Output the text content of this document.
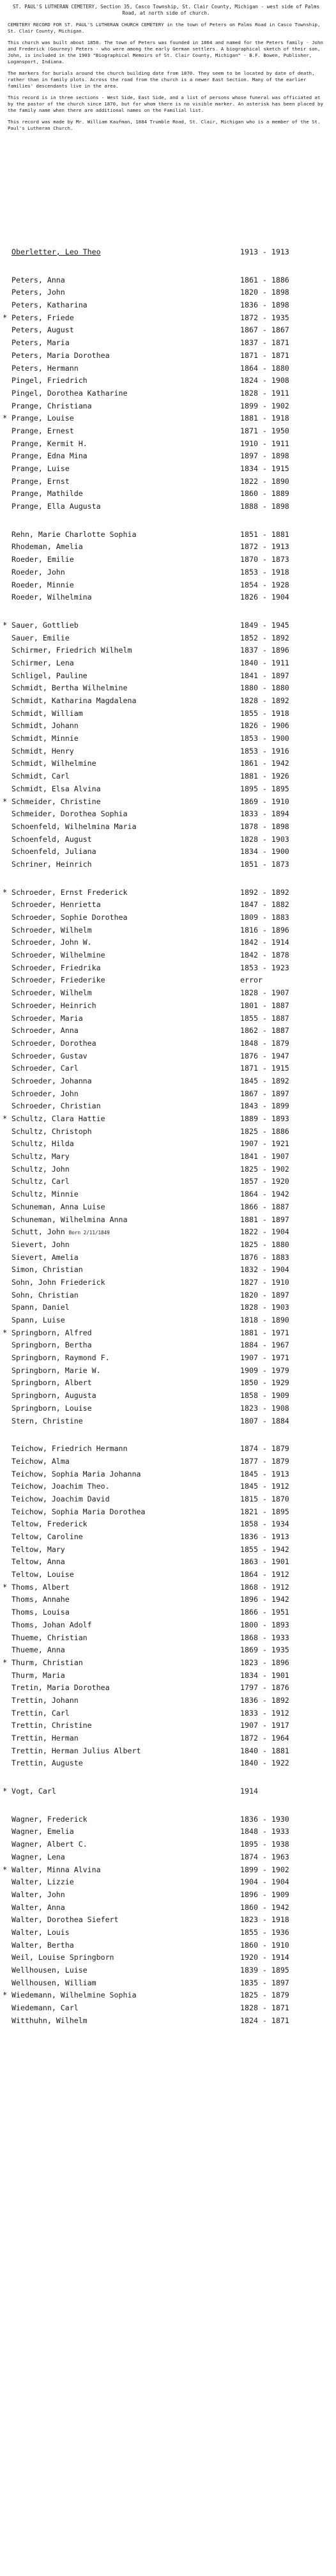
ST. PAUL'S LUTHERAN CEMETERY, Section 35, Casco Township, St. Clair County, Michigan - west side of Palms Road, at north side of church.
CEMETERY RECORD FOR ST. PAUL'S LUTHERAN CHURCH CEMETERY in the town of Peters on Palms Road in Casco Township, St. Clair County, Michigan.
This church was built about 1858. The town of Peters was founded in 1864 and named for the Peters family - John and Frederick (Gourney) Peters - who were among the early German settlers. A biographical sketch of their son, John, is included in the 1903 "Biographical Memoirs of St. Clair County, Michigan" - B.F. Bowen, Publisher, Logansport, Indiana.
The markers for burials around the church building date from 1870. They seem to be located by date of death, rather than in family plots. Across the road from the church is a newer East Section. Many of the earlier families' descendants live in the area.
This record is in three sections - West Side, East Side, and a list of persons whose funeral was officiated at by the pastor of the church since 1870, but for whom there is no visible marker. An asterisk has been placed by the family name when there are additional names on the Familial list.
This record was made by Mr. William Kaufman, 1884 Trumble Road, St. Clair, Michigan who is a member of the St. Paul's Lutheran Church.
Oberletter, Leo Theo	1913 - 1913
Peters, Anna	1861 - 1886
Peters, John	1820 - 1898
Peters, Katharina	1836 - 1898
* Peters, Friede	1872 - 1935
Peters, August	1867 - 1867
Peters, Maria	1837 - 1871
Peters, Maria Dorothea	1871 - 1871
Peters, Hermann	1864 - 1880
Pingel, Friedrich	1824 - 1908
Pingel, Dorothea Katharine	1828 - 1911
Prange, Christiana	1899 - 1902
* Prange, Louise	1881 - 1918
Prange, Ernest	1871 - 1950
Prange, Kermit H.	1910 - 1911
Prange, Edna Mina	1897 - 1898
Prange, Luise	1834 - 1915
Prange, Ernst	1822 - 1890
Prange, Mathilde	1860 - 1889
Prange, Ella Augusta	1888 - 1898
Rehn, Marie Charlotte Sophia	1851 - 1881
Rhodeman, Amelia	1872 - 1913
Roeder, Emilie	1870 - 1873
Roeder, John	1853 - 1918
Roeder, Minnie	1854 - 1928
Roeder, Wilhelmina	1826 - 1904
* Sauer, Gottlieb	1849 - 1945
Sauer, Emilie	1852 - 1892
Schirmer, Friedrich Wilhelm	1837 - 1896
Schirmer, Lena	1840 - 1911
Schligel, Pauline	1841 - 1897
Schmidt, Bertha Wilhelmine	1880 - 1880
Schmidt, Katharina Magdalena	1828 - 1892
Schmidt, William	1855 - 1918
Schmidt, Johann	1826 - 1906
Schmidt, Minnie	1853 - 1900
Schmidt, Henry	1853 - 1916
Schmidt, Wilhelmine	1861 - 1942
Schmidt, Carl	1881 - 1926
Schmidt, Elsa Alvina	1895 - 1895
* Schmeider, Christine	1869 - 1910
Schmeider, Dorothea Sophia	1833 - 1894
Schoenfeld, Wilhelmina Maria	1878 - 1898
Schoenfeld, August	1828 - 1903
Schoenfeld, Juliana	1834 - 1900
Schriner, Heinrich	1851 - 1873
* Schroeder, Ernst Frederick	1892 - 1892
Schroeder, Henrietta	1847 - 1882
Schroeder, Sophie Dorothea	1809 - 1883
Schroeder, Wilhelm	1816 - 1896
Schroeder, John W.	1842 - 1914
Schroeder, Wilhelmine	1842 - 1878
Schroeder, Friedrika	1853 - 1923
Schroeder, Friederike	error
Schroeder, Wilhelm	1828 - 1907
Schroeder, Heinrich	1801 - 1887
Schroeder, Maria	1855 - 1887
Schroeder, Anna	1862 - 1887
Schroeder, Dorothea	1848 - 1879
Schroeder, Gustav	1876 - 1947
Schroeder, Carl	1871 - 1915
Schroeder, Johanna	1845 - 1892
Schroeder, John	1867 - 1897
Schroeder, Christian	1843 - 1899
* Schultz, Clara Hattie	1889 - 1893
Schultz, Christoph	1825 - 1886
Schultz, Hilda	1907 - 1921
Schultz, Mary	1841 - 1907
Schultz, John	1825 - 1902
Schultz, Carl	1857 - 1920
Schultz, Minnie	1864 - 1942
Schuneman, Anna Luise	1866 - 1887
Schuneman, Wilhelmina Anna	1881 - 1897
Schutt, John Born 2/11/1849	1822 - 1904
Sievert, John	1825 - 1880
Sievert, Amelia	1876 - 1883
Simon, Christian	1832 - 1904
Sohn, John Friederick	1827 - 1910
Sohn, Christian	1820 - 1897
Spann, Daniel	1828 - 1903
Spann, Luise	1818 - 1890
* Springborn, Alfred	1881 - 1971
Springborn, Bertha	1884 - 1967
Springborn, Raymond F.	1907 - 1971
Springborn, Marie W.	1909 - 1979
Springborn, Albert	1850 - 1929
Springborn, Augusta	1858 - 1909
Springborn, Louise	1823 - 1908
Stern, Christine	1807 - 1884
Teichow, Friedrich Hermann	1874 - 1879
Teichow, Alma	1877 - 1879
Teichow, Sophia Maria Johanna	1845 - 1913
Teichow, Joachim Theo.	1845 - 1912
Teichow, Joachim David	1815 - 1870
Teichow, Sophia Maria Dorothea	1821 - 1895
Teltow, Frederick	1858 - 1934
Teltow, Caroline	1836 - 1913
Teltow, Mary	1855 - 1942
Teltow, Anna	1863 - 1901
Teltow, Louise	1864 - 1912
* Thoms, Albert	1868 - 1912
Thoms, Annahe	1896 - 1942
Thoms, Louisa	1866 - 1951
Thoms, Johan Adolf	1800 - 1893
Thueme, Christian	1868 - 1933
Thueme, Anna	1869 - 1935
* Thurm, Christian	1823 - 1896
Thurm, Maria	1834 - 1901
Tretin, Maria Dorothea	1797 - 1876
Trettin, Johann	1836 - 1892
Trettin, Carl	1833 - 1912
Trettin, Christine	1907 - 1917
Trettin, Herman	1872 - 1964
Trettin, Herman Julius Albert	1840 - 1881
Trettin, Auguste	1840 - 1922
* Vogt, Carl	1914
Wagner, Frederick	1836 - 1930
Wagner, Emelia	1848 - 1933
Wagner, Albert C.	1895 - 1938
Wagner, Lena	1874 - 1963
* Walter, Minna Alvina	1899 - 1902
Walter, Lizzie	1904 - 1904
Walter, John	1896 - 1909
Walter, Anna	1860 - 1942
Walter, Dorothea Siefert	1823 - 1918
Walter, Louis	1855 - 1936
Walter, Bertha	1860 - 1910
Weil, Louise Springborn	1920 - 1914
Wellhousen, Luise	1839 - 1895
Wellhousen, William	1835 - 1897
* Wiedemann, Wilhelmine Sophia	1825 - 1879
Wiedemann, Carl	1828 - 1871
Witthuhn, Wilhelm	1824 - 1871
